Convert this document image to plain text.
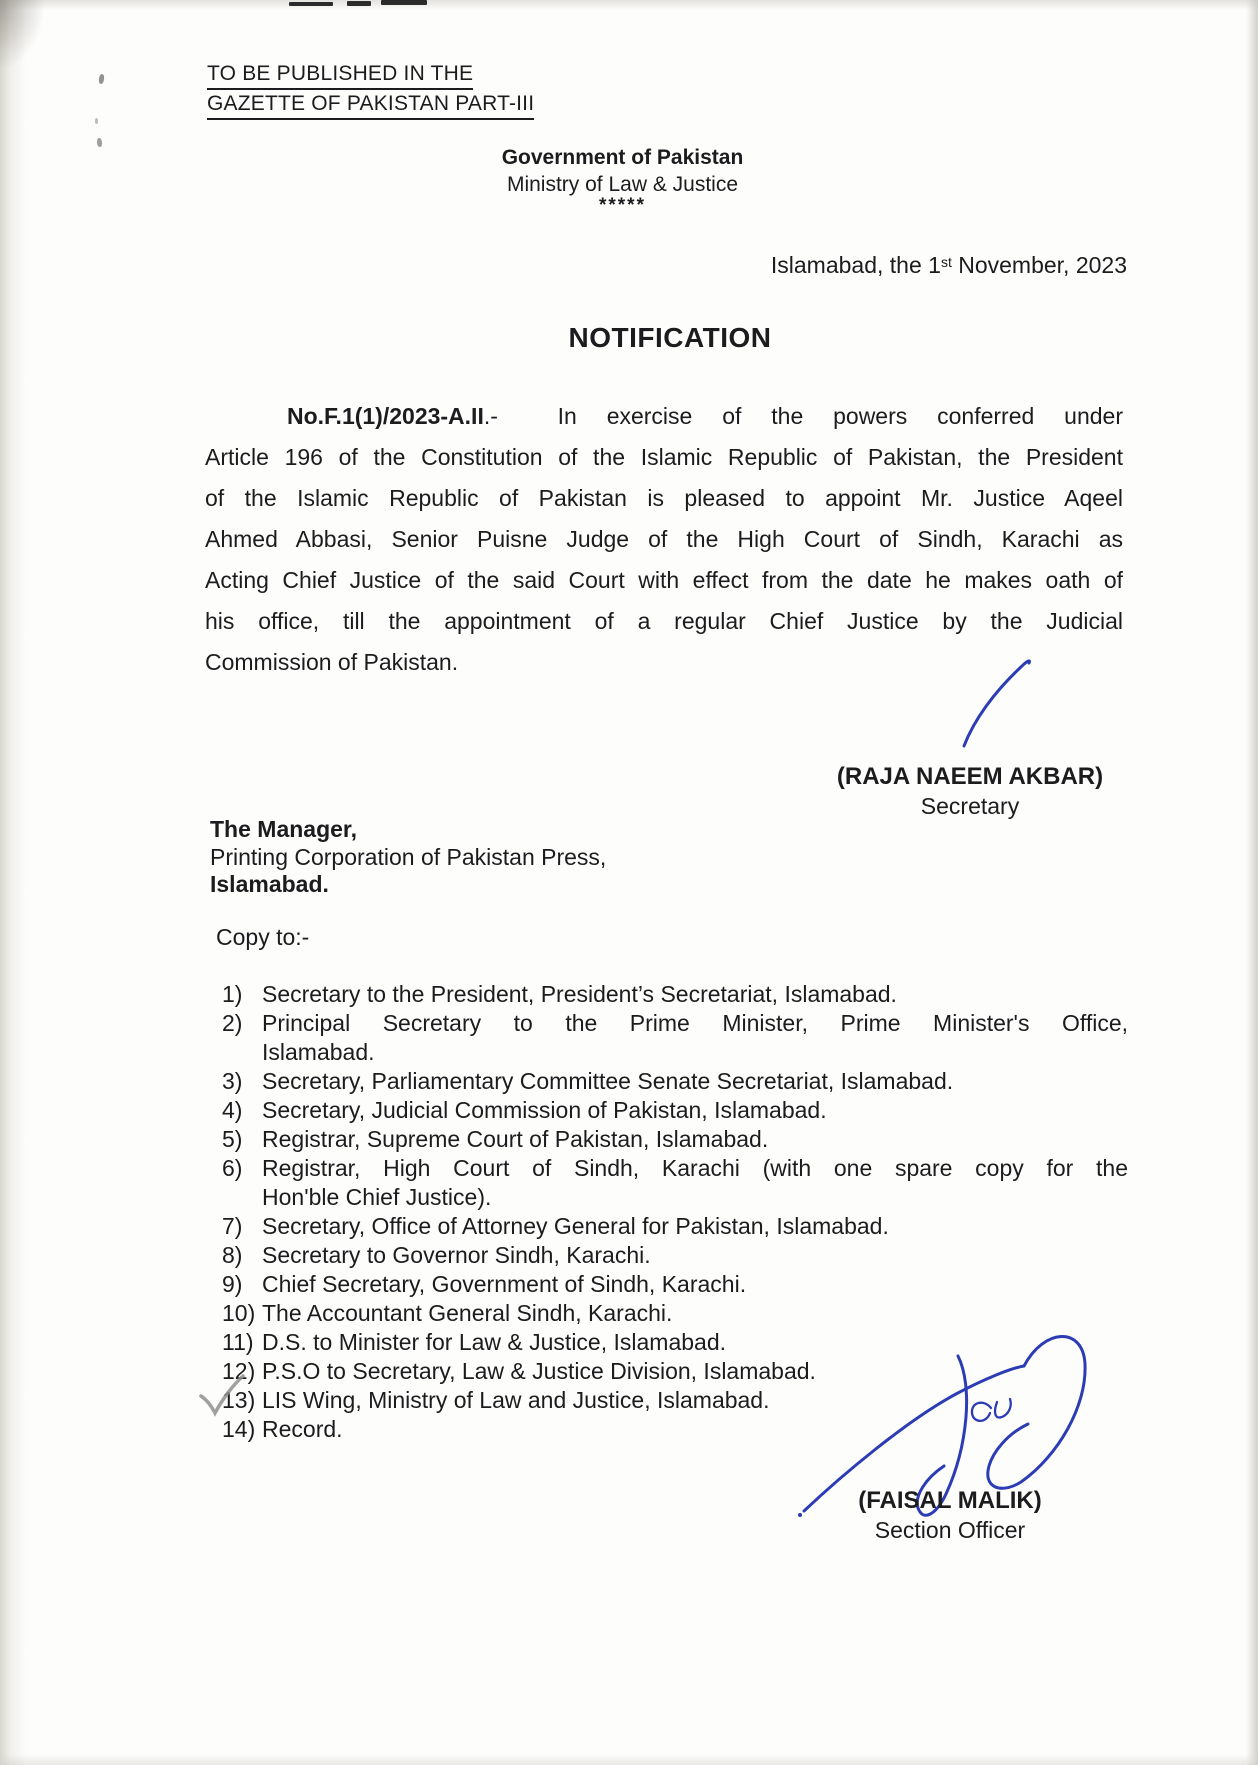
TO BE PUBLISHED IN THE
GAZETTE OF PAKISTAN PART-III
Government of Pakistan
Ministry of Law & Justice
*****
Islamabad, the 1st November, 2023
NOTIFICATION
No.F.1(1)/2023-A.II.-  In exercise of the powers conferred under
Article 196 of the Constitution of the Islamic Republic of Pakistan, the President
of the Islamic Republic of Pakistan is pleased to appoint Mr. Justice Aqeel
Ahmed Abbasi, Senior Puisne Judge of the High Court of Sindh, Karachi as
Acting Chief Justice of the said Court with effect from the date he makes oath of
his office, till the appointment of a regular Chief Justice by the Judicial
Commission of Pakistan.
(RAJA NAEEM AKBAR)
Secretary
The Manager,
Printing Corporation of Pakistan Press,
Islamabad.
Copy to:-
1) Secretary to the President, President’s Secretariat, Islamabad.
2) Principal Secretary to the Prime Minister, Prime Minister's Office,
Islamabad.
3) Secretary, Parliamentary Committee Senate Secretariat, Islamabad.
4) Secretary, Judicial Commission of Pakistan, Islamabad.
5) Registrar, Supreme Court of Pakistan, Islamabad.
6) Registrar, High Court of Sindh, Karachi (with one spare copy for the
Hon'ble Chief Justice).
7) Secretary, Office of Attorney General for Pakistan, Islamabad.
8) Secretary to Governor Sindh, Karachi.
9) Chief Secretary, Government of Sindh, Karachi.
10) The Accountant General Sindh, Karachi.
11) D.S. to Minister for Law & Justice, Islamabad.
12) P.S.O to Secretary, Law & Justice Division, Islamabad.
13) LIS Wing, Ministry of Law and Justice, Islamabad.
14) Record.
(FAISAL MALIK)
Section Officer
